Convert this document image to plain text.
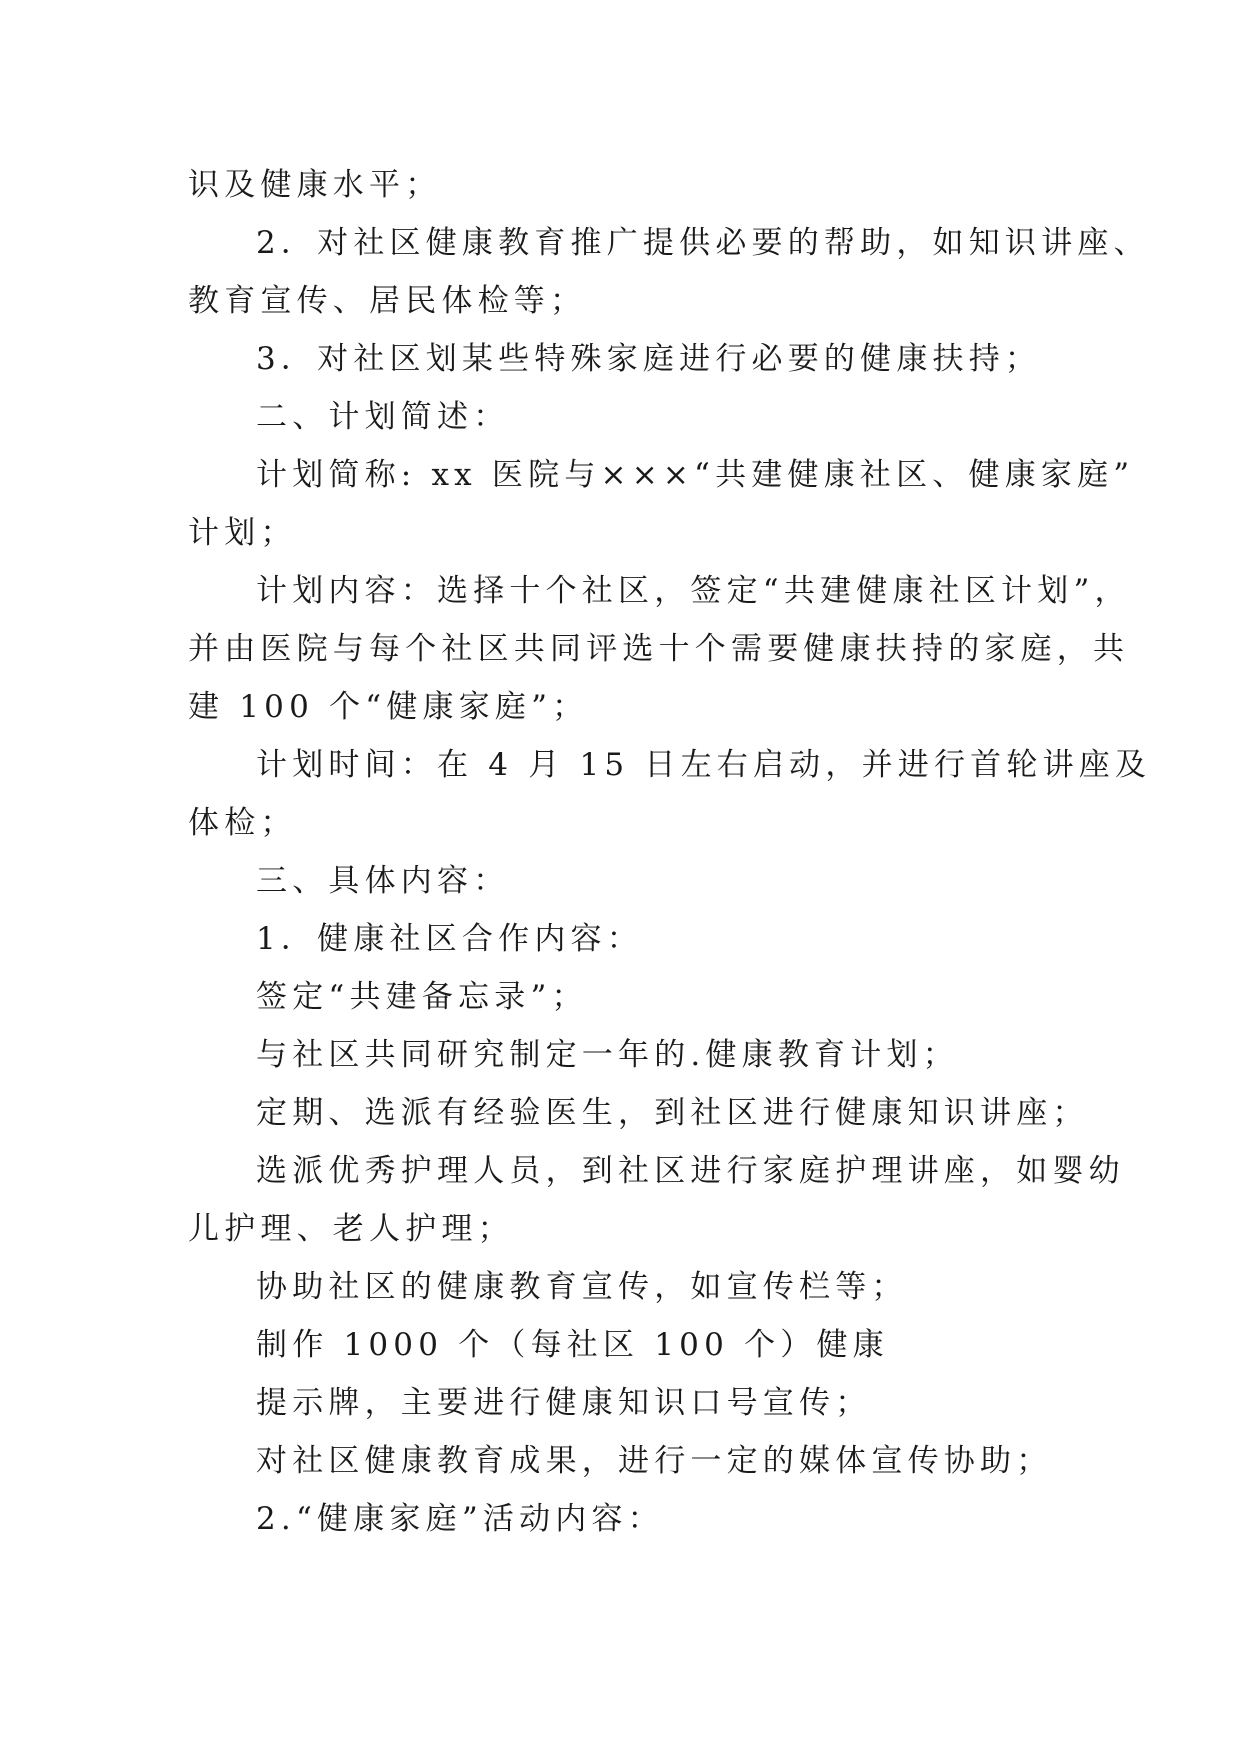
识及健康水平；
2．对社区健康教育推广提供必要的帮助，如知识讲座、
教育宣传、居民体检等；
3．对社区划某些特殊家庭进行必要的健康扶持；
二、计划简述：
计划简称: xx 医院与×××“共建健康社区、健康家庭”
计划；
计划内容：选择十个社区，签定“共建健康社区计划”，
并由医院与每个社区共同评选十个需要健康扶持的家庭，共
建 100 个“健康家庭”；
计划时间：在 4 月 15 日左右启动，并进行首轮讲座及
体检；
三、具体内容：
1．健康社区合作内容：
签定“共建备忘录”；
与社区共同研究制定一年的.健康教育计划；
定期、选派有经验医生，到社区进行健康知识讲座；
选派优秀护理人员，到社区进行家庭护理讲座，如婴幼
儿护理、老人护理；
协助社区的健康教育宣传，如宣传栏等；
制作 1000 个（每社区 100 个）健康
提示牌，主要进行健康知识口号宣传；
对社区健康教育成果，进行一定的媒体宣传协助；
2.“健康家庭”活动内容：
